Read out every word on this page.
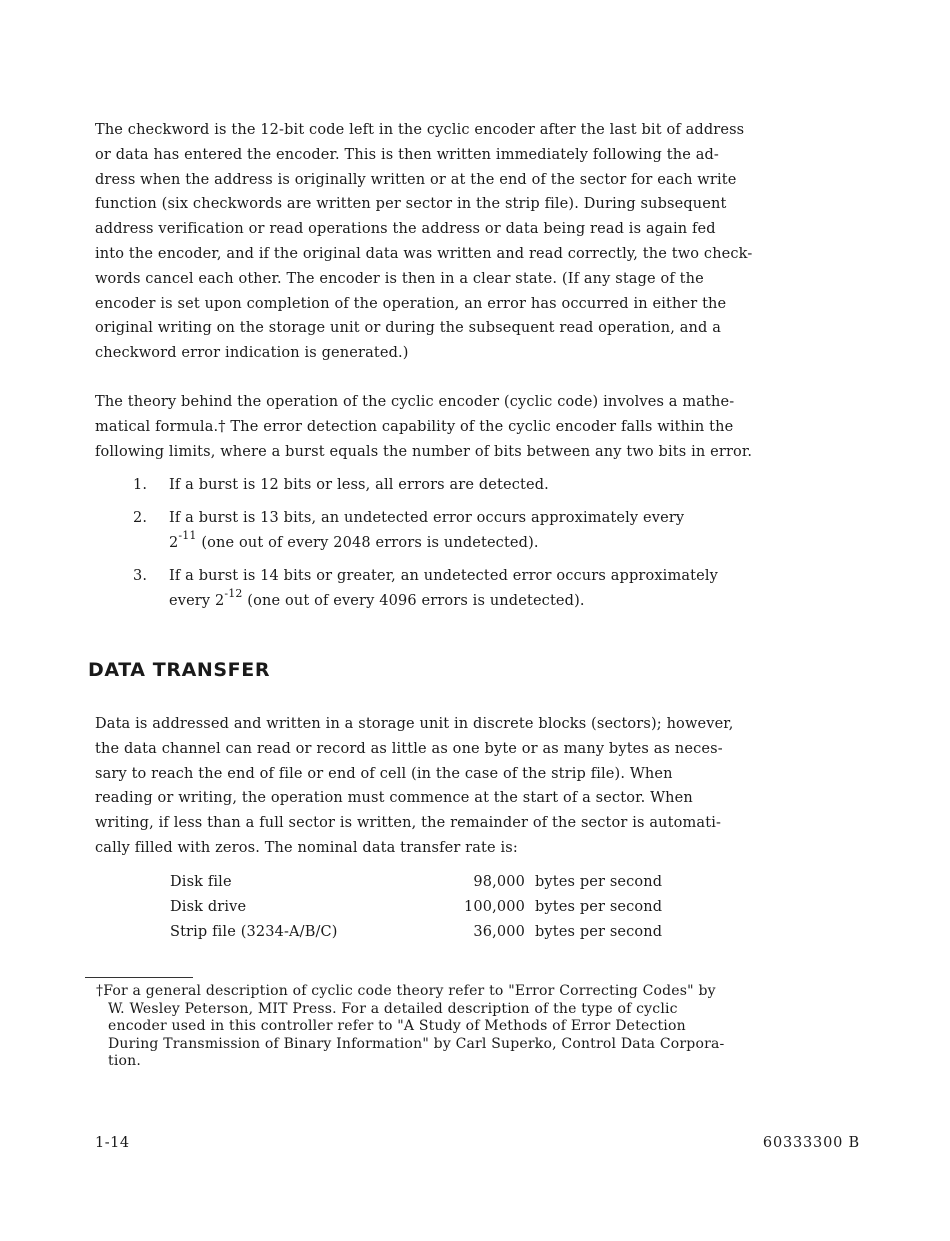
The checkword is the 12-bit code left in the cyclic encoder after the last bit of address
or data has entered the encoder. This is then written immediately following the ad-
dress when the address is originally written or at the end of the sector for each write
function (six checkwords are written per sector in the strip file). During subsequent
address verification or read operations the address or data being read is again fed
into the encoder, and if the original data was written and read correctly, the two check-
words cancel each other. The encoder is then in a clear state. (If any stage of the
encoder is set upon completion of the operation, an error has occurred in either the
original writing on the storage unit or during the subsequent read operation, and a
checkword error indication is generated.)
The theory behind the operation of the cyclic encoder (cyclic code) involves a mathe-
matical formula.† The error detection capability of the cyclic encoder falls within the
following limits, where a burst equals the number of bits between any two bits in error.
1. If a burst is 12 bits or less, all errors are detected.
2. If a burst is 13 bits, an undetected error occurs approximately every
$2^{-11}$ (one out of every 2048 errors is undetected).
3. If a burst is 14 bits or greater, an undetected error occurs approximately
every $2^{-12}$ (one out of every 4096 errors is undetected).
DATA TRANSFER
Data is addressed and written in a storage unit in discrete blocks (sectors); however,
the data channel can read or record as little as one byte or as many bytes as neces-
sary to reach the end of file or end of cell (in the case of the strip file). When
reading or writing, the operation must commence at the start of a sector. When
writing, if less than a full sector is written, the remainder of the sector is automati-
cally filled with zeros. The nominal data transfer rate is:
Disk file	98,000 bytes per second
Disk drive	100,000 bytes per second
Strip file (3234-A/B/C)	36,000 bytes per second
†For a general description of cyclic code theory refer to "Error Correcting Codes" by
W. Wesley Peterson, MIT Press. For a detailed description of the type of cyclic
encoder used in this controller refer to "A Study of Methods of Error Detection
During Transmission of Binary Information" by Carl Superko, Control Data Corpora-
tion.
1-14	60333300 B
